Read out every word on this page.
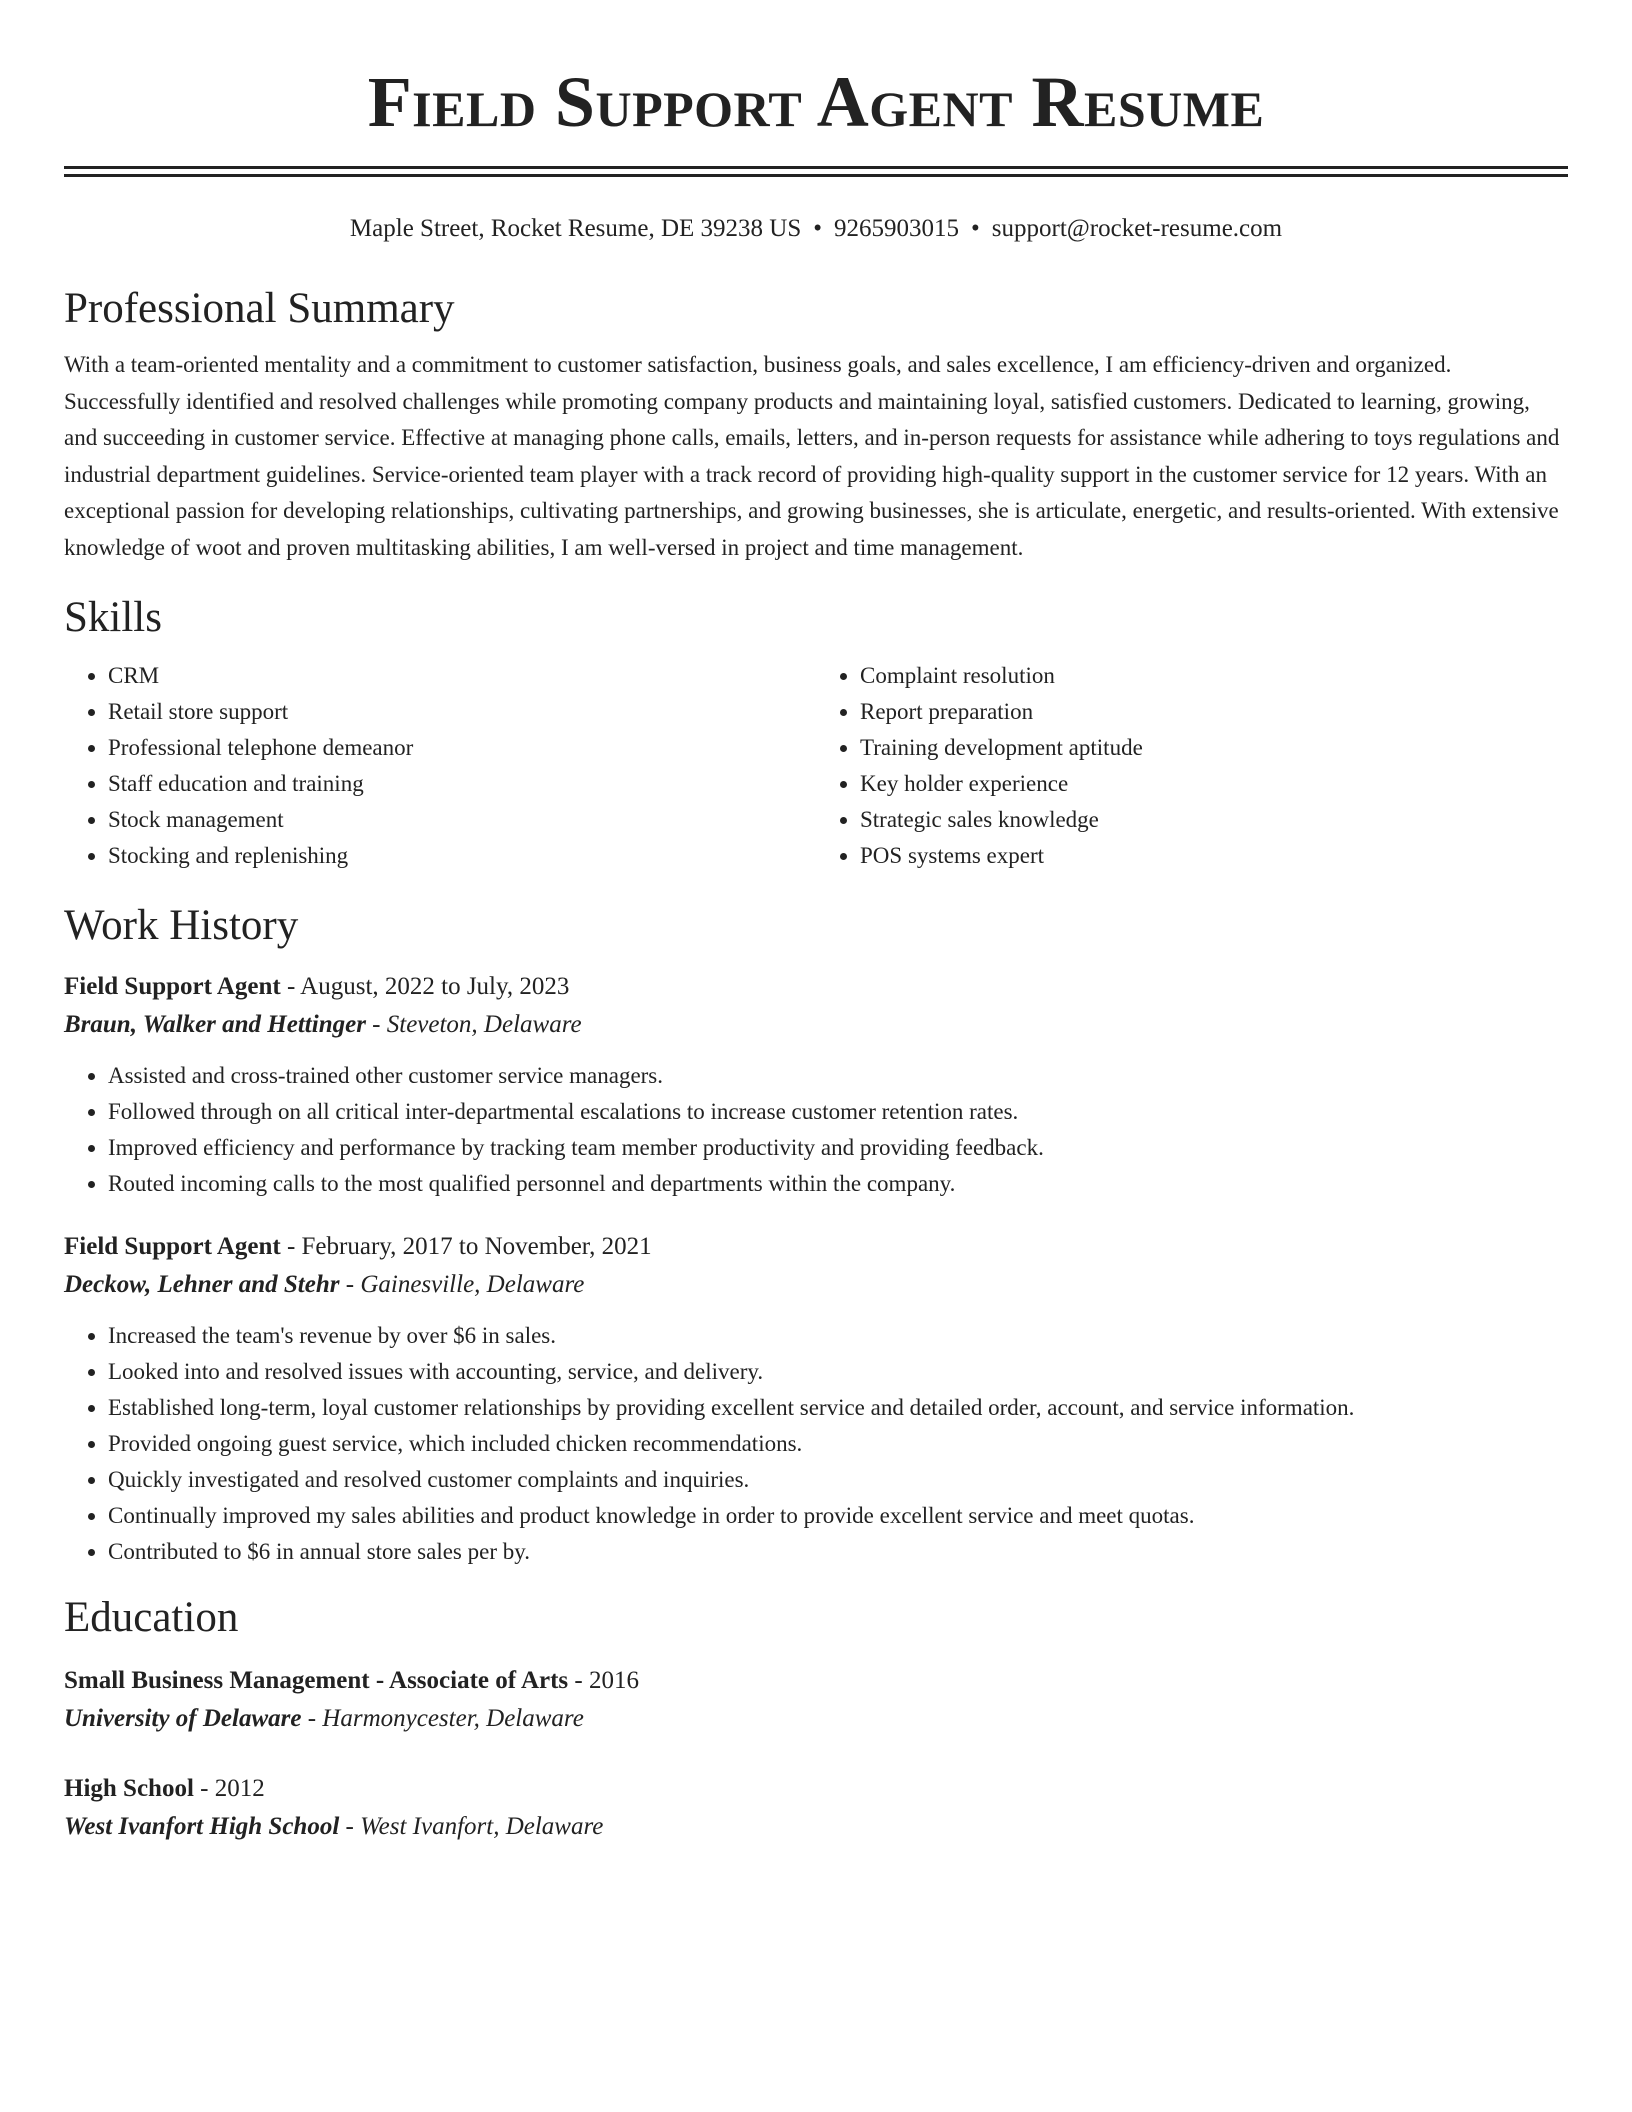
Field Support Agent Resume
Maple Street, Rocket Resume, DE 39238 US • 9265903015 • support@rocket-resume.com
Professional Summary

With a team-oriented mentality and a commitment to customer satisfaction, business goals, and sales excellence, I am efficiency-driven and organized. Successfully identified and resolved challenges while promoting company products and maintaining loyal, satisfied customers. Dedicated to learning, growing, and succeeding in customer service. Effective at managing phone calls, emails, letters, and in-person requests for assistance while adhering to toys regulations and industrial department guidelines. Service-oriented team player with a track record of providing high-quality support in the customer service for 12 years. With an exceptional passion for developing relationships, cultivating partnerships, and growing businesses, she is articulate, energetic, and results-oriented. With extensive knowledge of woot and proven multitasking abilities, I am well-versed in project and time management.

Skills
• CRM
• Retail store support
• Professional telephone demeanor
• Staff education and training
• Stock management
• Stocking and replenishing
• Complaint resolution
• Report preparation
• Training development aptitude
• Key holder experience
• Strategic sales knowledge
• POS systems expert
Work History
Field Support Agent - August, 2022 to July, 2023
Braun, Walker and Hettinger - Steveton, Delaware
• Assisted and cross-trained other customer service managers.
• Followed through on all critical inter-departmental escalations to increase customer retention rates.
• Improved efficiency and performance by tracking team member productivity and providing feedback.
• Routed incoming calls to the most qualified personnel and departments within the company.
Field Support Agent - February, 2017 to November, 2021
Deckow, Lehner and Stehr - Gainesville, Delaware
• Increased the team's revenue by over $6 in sales.
• Looked into and resolved issues with accounting, service, and delivery.
• Established long-term, loyal customer relationships by providing excellent service and detailed order, account, and service information.
• Provided ongoing guest service, which included chicken recommendations.
• Quickly investigated and resolved customer complaints and inquiries.
• Continually improved my sales abilities and product knowledge in order to provide excellent service and meet quotas.
• Contributed to $6 in annual store sales per by.
Education
Small Business Management - Associate of Arts - 2016
University of Delaware - Harmonycester, Delaware
High School - 2012
West Ivanfort High School - West Ivanfort, Delaware
